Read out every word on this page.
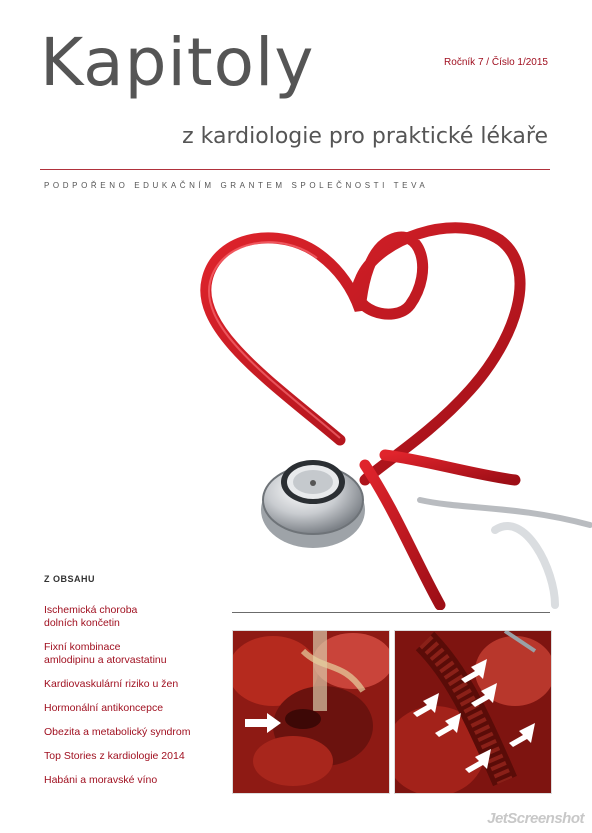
Kapitoly	Ročník 7 / Číslo 1/2015
z kardiologie pro praktické lékaře
PODPOŘENO EDUKAČNÍM GRANTEM SPOLEČNOSTI TEVA
Z OBSAHU
Ischemická choroba
dolních končetin
Fixní kombinace
amlodipinu a atorvastatinu
Kardiovaskulární riziko u žen
Hormonální antikoncepce
Obezita a metabolický syndrom
Top Stories z kardiologie 2014
Habáni a moravské víno
JetScreenshot
